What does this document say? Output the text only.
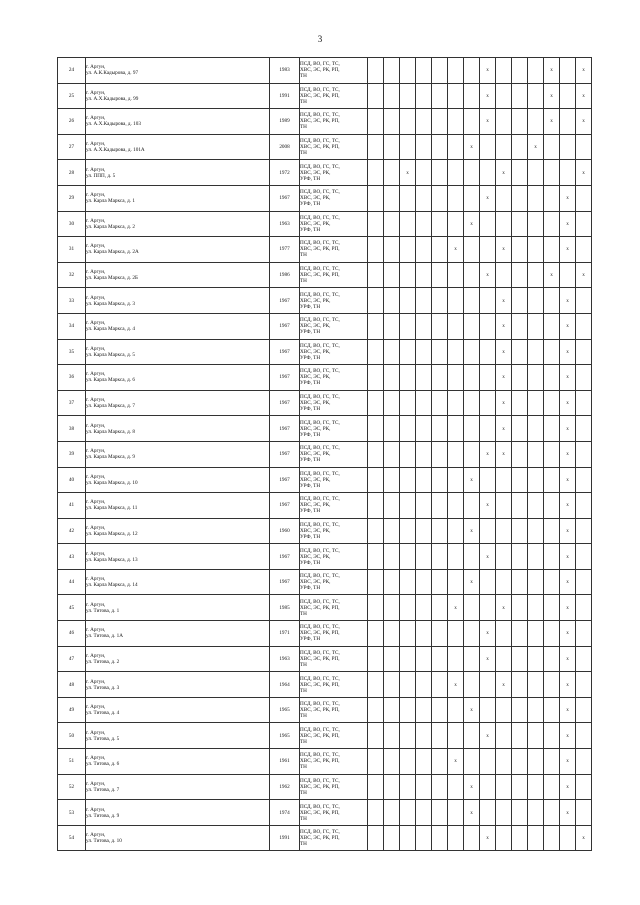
3
24	г. Аргун,
ул. А.К.Кадырова, д. 97	1983	ПСД, ВО, ГС, ТС,
ХВС, ЭС, РК, РП,
ТН								x				x		x
25	г. Аргун,
ул. А.Х.Кадырова, д. 99	1991	ПСД, ВО, ГС, ТС,
ХВС, ЭС, РК, РП,
ТН								x				x		x
26	г. Аргун,
ул. А.Х.Кадырова, д. 103	1989	ПСД, ВО, ГС, ТС,
ХВС, ЭС, РК, РП,
ТН								x				x		x
27	г. Аргун,
ул. А.Х.Кадырова, д. 101А	2008	ПСД, ВО, ГС, ТС,
ХВС, ЭС, РК, РП,
ТН							x				x			
28	г. Аргун,
ул. ППП, д. 5	1972	ПСД, ВО, ГС, ТС,
ХВС, ЭС, РК,
УРФ, ТН			x						x					x
29	г. Аргун,
ул. Карла Маркса, д. 1	1967	ПСД, ВО, ГС, ТС,
ХВС, ЭС, РК,
УРФ, ТН								x					x	
30	г. Аргун,
ул. Карла Маркса, д. 2	1963	ПСД, ВО, ГС, ТС,
ХВС, ЭС, РК,
УРФ, ТН							x						x	
31	г. Аргун,
ул. Карла Маркса, д. 2А	1977	ПСД, ВО, ГС, ТС,
ХВС, ЭС, РК, РП,
ТН						x			x				x	
32	г. Аргун,
ул. Карла Маркса, д. 2Б	1986	ПСД, ВО, ГС, ТС,
ХВС, ЭС, РК, РП,
ТН								x				x		x
33	г. Аргун,
ул. Карла Маркса, д. 3	1967	ПСД, ВО, ГС, ТС,
ХВС, ЭС, РК,
УРФ, ТН									x				x	
34	г. Аргун,
ул. Карла Маркса, д. 4	1967	ПСД, ВО, ГС, ТС,
ХВС, ЭС, РК,
УРФ, ТН									x				x	
35	г. Аргун,
ул. Карла Маркса, д. 5	1967	ПСД, ВО, ГС, ТС,
ХВС, ЭС, РК,
УРФ, ТН									x				x	
36	г. Аргун,
ул. Карла Маркса, д. 6	1967	ПСД, ВО, ГС, ТС,
ХВС, ЭС, РК,
УРФ, ТН									x				x	
37	г. Аргун,
ул. Карла Маркса, д. 7	1967	ПСД, ВО, ГС, ТС,
ХВС, ЭС, РК,
УРФ, ТН									x				x	
38	г. Аргун,
ул. Карла Маркса, д. 8	1967	ПСД, ВО, ГС, ТС,
ХВС, ЭС, РК,
УРФ, ТН									x				x	
39	г. Аргун,
ул. Карла Маркса, д. 9	1967	ПСД, ВО, ГС, ТС,
ХВС, ЭС, РК,
УРФ, ТН								x	x				x	
40	г. Аргун,
ул. Карла Маркса, д. 10	1967	ПСД, ВО, ГС, ТС,
ХВС, ЭС, РК,
УРФ, ТН							x						x	
41	г. Аргун,
ул. Карла Маркса, д. 11	1967	ПСД, ВО, ГС, ТС,
ХВС, ЭС, РК,
УРФ, ТН								x					x	
42	г. Аргун,
ул. Карла Маркса, д. 12	1960	ПСД, ВО, ГС, ТС,
ХВС, ЭС, РК,
УРФ, ТН							x						x	
43	г. Аргун,
ул. Карла Маркса, д. 13	1967	ПСД, ВО, ГС, ТС,
ХВС, ЭС, РК,
УРФ, ТН								x					x	
44	г. Аргун,
ул. Карла Маркса, д. 14	1967	ПСД, ВО, ГС, ТС,
ХВС, ЭС, РК,
УРФ, ТН							x						x	
45	г. Аргун,
ул. Титова, д. 1	1985	ПСД, ВО, ГС, ТС,
ХВС, ЭС, РК, РП,
ТН						x			x				x	
46	г. Аргун,
ул. Титова, д. 1А	1971	ПСД, ВО, ГС, ТС,
ХВС, ЭС, РК, РП,
УРФ, ТН								x					x	
47	г. Аргун,
ул. Титова, д. 2	1963	ПСД, ВО, ГС, ТС,
ХВС, ЭС, РК, РП,
ТН								x					x	
48	г. Аргун,
ул. Титова, д. 3	1964	ПСД, ВО, ГС, ТС,
ХВС, ЭС, РК, РП,
ТН						x			x				x	
49	г. Аргун,
ул. Титова, д. 4	1965	ПСД, ВО, ГС, ТС,
ХВС, ЭС, РК, РП,
ТН							x						x	
50	г. Аргун,
ул. Титова, д. 5	1965	ПСД, ВО, ГС, ТС,
ХВС, ЭС, РК, РП,
ТН								x					x	
51	г. Аргун,
ул. Титова, д. 6	1961	ПСД, ВО, ГС, ТС,
ХВС, ЭС, РК, РП,
ТН						x							x	
52	г. Аргун,
ул. Титова, д. 7	1962	ПСД, ВО, ГС, ТС,
ХВС, ЭС, РК, РП,
ТН							x						x	
53	г. Аргун,
ул. Титова, д. 9	1974	ПСД, ВО, ГС, ТС,
ХВС, ЭС, РК, РП,
ТН							x						x	
54	г. Аргун,
ул. Титова, д. 10	1991	ПСД, ВО, ГС, ТС,
ХВС, ЭС, РК, РП,
ТН								x						x
